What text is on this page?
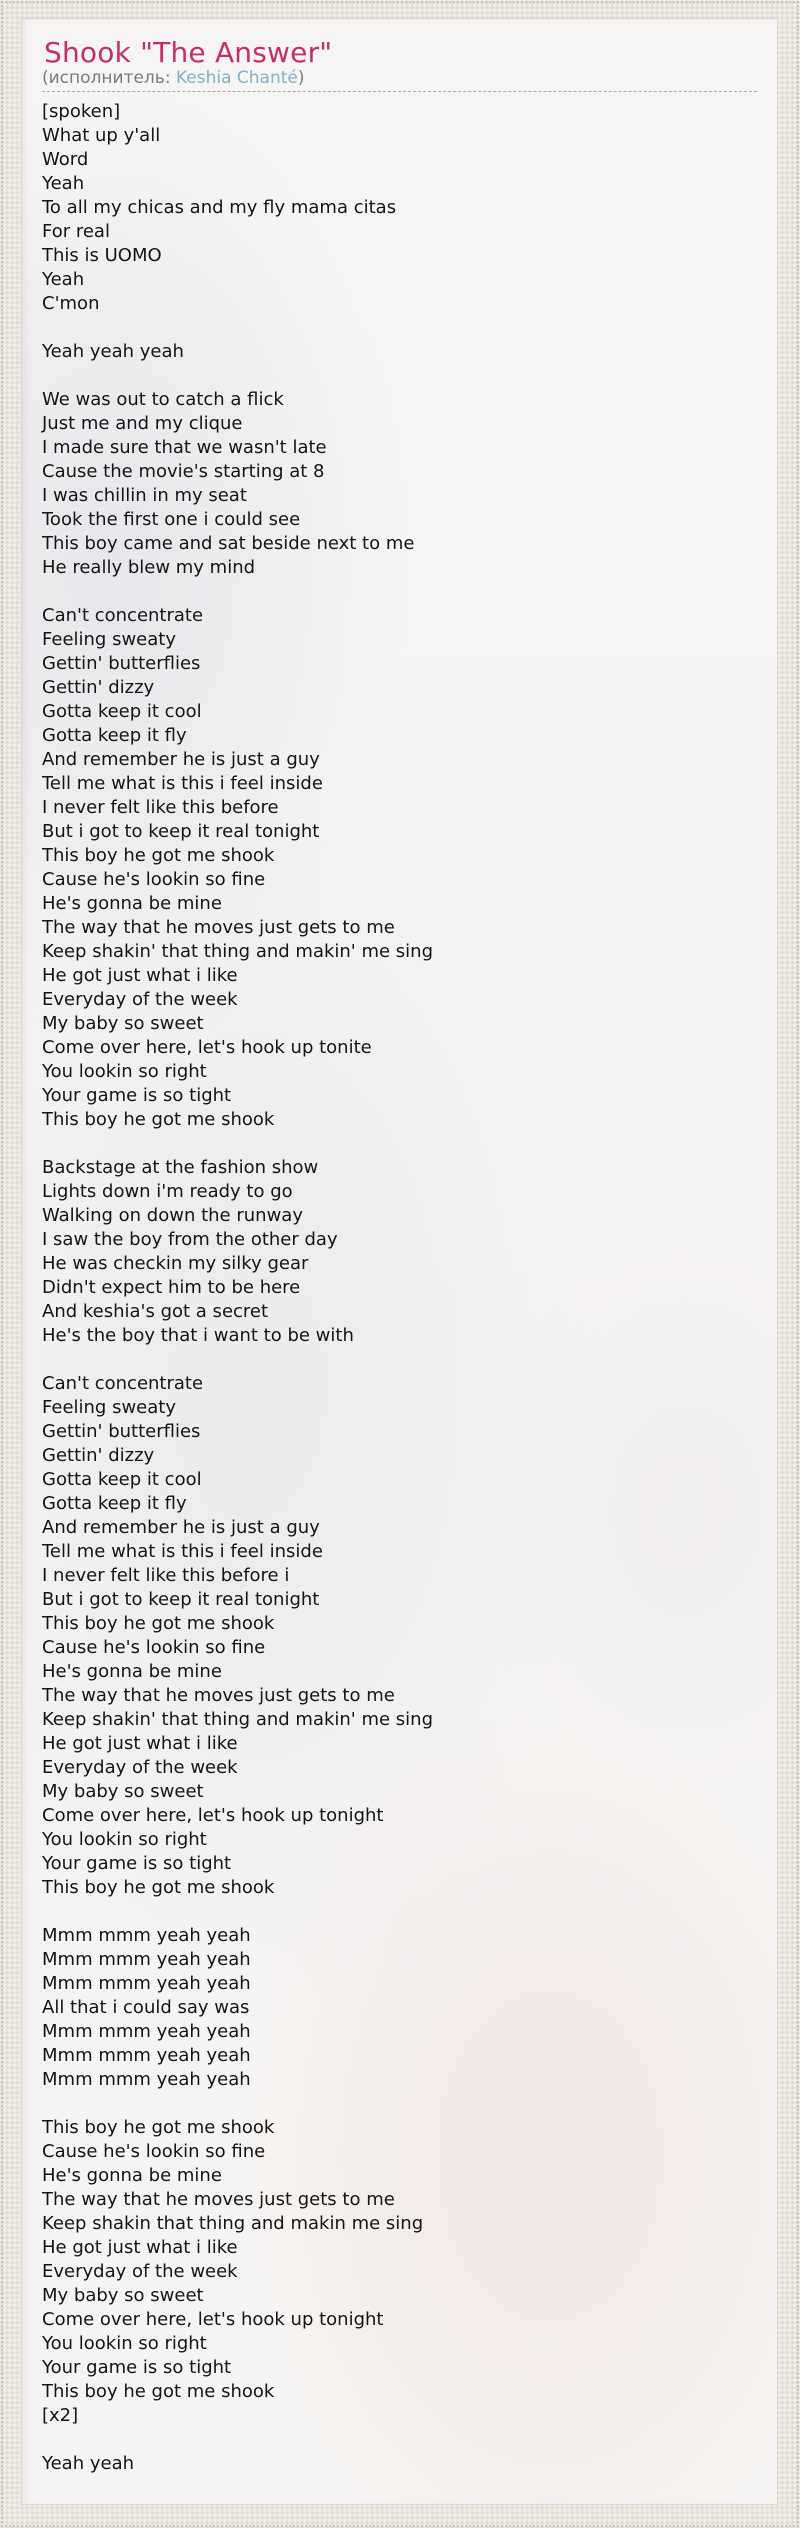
Shook "The Answer"
(исполнитель: Keshia Chanté)
[spoken]
What up y'all
Word
Yeah
To all my chicas and my fly mama citas
For real
This is UOMO
Yeah
C'mon
Yeah yeah yeah
We was out to catch a flick
Just me and my clique
I made sure that we wasn't late
Cause the movie's starting at 8
I was chillin in my seat
Took the first one i could see
This boy came and sat beside next to me
He really blew my mind
Can't concentrate
Feeling sweaty
Gettin' butterflies
Gettin' dizzy
Gotta keep it cool
Gotta keep it fly
And remember he is just a guy
Tell me what is this i feel inside
I never felt like this before
But i got to keep it real tonight
This boy he got me shook
Cause he's lookin so fine
He's gonna be mine
The way that he moves just gets to me
Keep shakin' that thing and makin' me sing
He got just what i like
Everyday of the week
My baby so sweet
Come over here, let's hook up tonite
You lookin so right
Your game is so tight
This boy he got me shook
Backstage at the fashion show
Lights down i'm ready to go
Walking on down the runway
I saw the boy from the other day
He was checkin my silky gear
Didn't expect him to be here
And keshia's got a secret
He's the boy that i want to be with
Can't concentrate
Feeling sweaty
Gettin' butterflies
Gettin' dizzy
Gotta keep it cool
Gotta keep it fly
And remember he is just a guy
Tell me what is this i feel inside
I never felt like this before i
But i got to keep it real tonight
This boy he got me shook
Cause he's lookin so fine
He's gonna be mine
The way that he moves just gets to me
Keep shakin' that thing and makin' me sing
He got just what i like
Everyday of the week
My baby so sweet
Come over here, let's hook up tonight
You lookin so right
Your game is so tight
This boy he got me shook
Mmm mmm yeah yeah
Mmm mmm yeah yeah
Mmm mmm yeah yeah
All that i could say was
Mmm mmm yeah yeah
Mmm mmm yeah yeah
Mmm mmm yeah yeah
This boy he got me shook
Cause he's lookin so fine
He's gonna be mine
The way that he moves just gets to me
Keep shakin that thing and makin me sing
He got just what i like
Everyday of the week
My baby so sweet
Come over here, let's hook up tonight
You lookin so right
Your game is so tight
This boy he got me shook
[x2]
Yeah yeah
